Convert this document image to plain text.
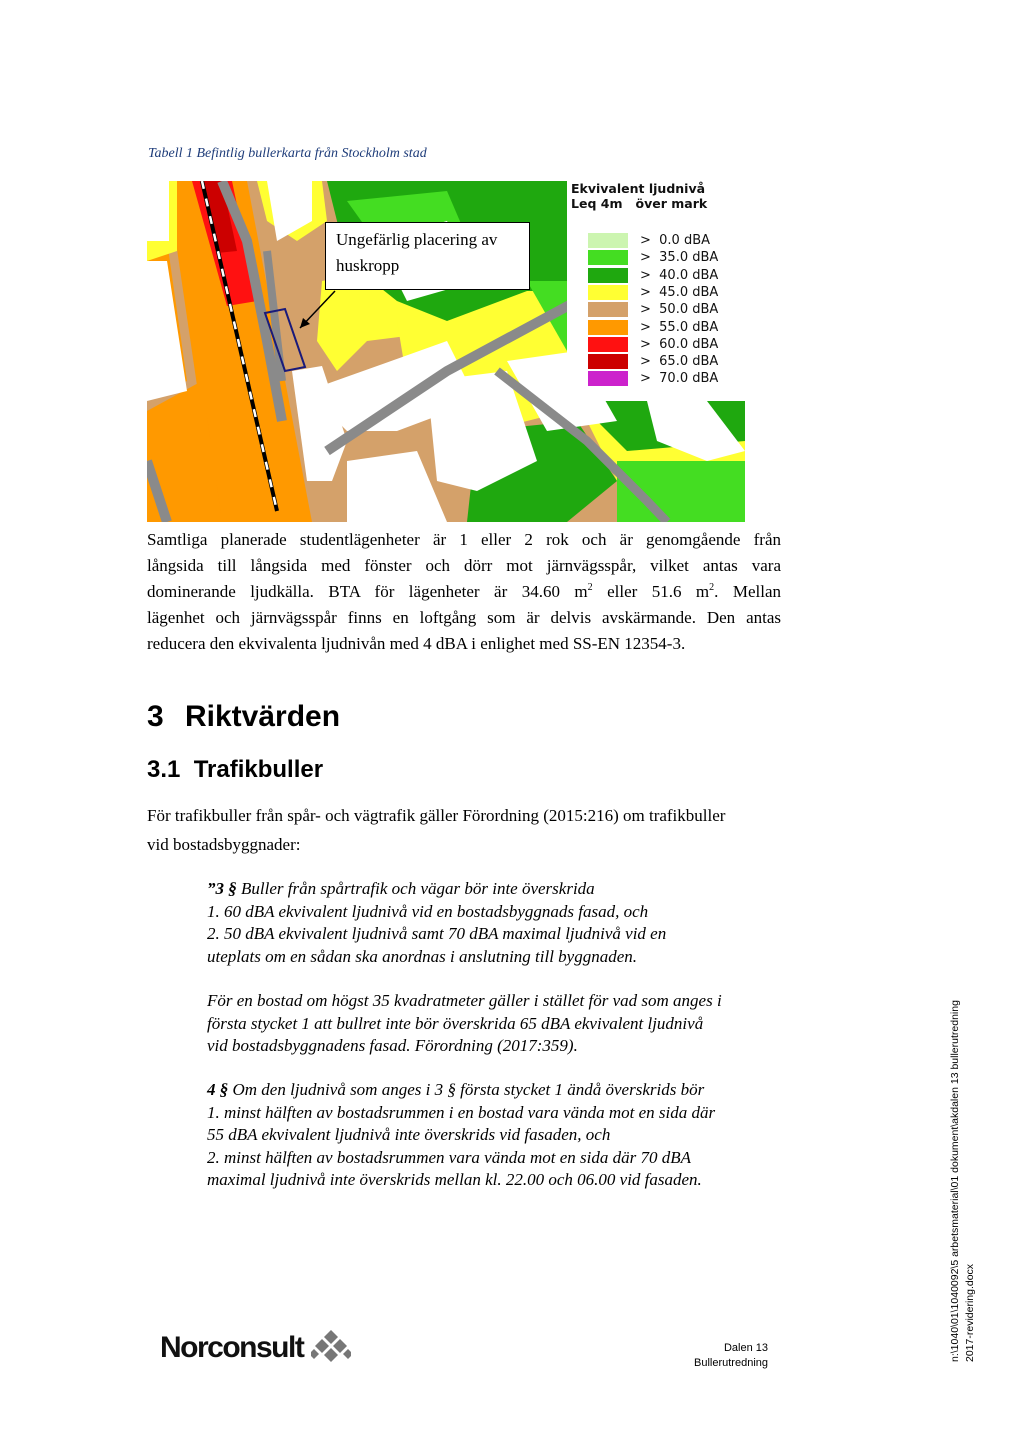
Tabell 1 Befintlig bullerkarta från Stockholm stad
Ungefärlig placering av huskropp
Ekvivalent ljudnivå
Leq 4m   över mark
>  0.0 dBA
>  35.0 dBA
>  40.0 dBA
>  45.0 dBA
>  50.0 dBA
>  55.0 dBA
>  60.0 dBA
>  65.0 dBA
>  70.0 dBA
Samtliga planerade studentlägenheter är 1 eller 2 rok och är genomgående från
långsida till långsida med fönster och dörr mot järnvägsspår, vilket antas vara
dominerande ljudkälla. BTA för lägenheter är 34.60 $m^2$ eller 51.6 $m^2$. Mellan
lägenhet och järnvägsspår finns en loftgång som är delvis avskärmande. Den antas
reducera den ekvivalenta ljudnivån med 4 dBA i enlighet med SS-EN 12354-3.
3 Riktvärden
3.1  Trafikbuller
För trafikbuller från spår- och vägtrafik gäller Förordning (2015:216) om trafikbuller
vid bostadsbyggnader:
”3 § Buller från spårtrafik och vägar bör inte överskrida
1. 60 dBA ekvivalent ljudnivå vid en bostadsbyggnads fasad, och
2. 50 dBA ekvivalent ljudnivå samt 70 dBA maximal ljudnivå vid en
uteplats om en sådan ska anordnas i anslutning till byggnaden.
För en bostad om högst 35 kvadratmeter gäller i stället för vad som anges i
första stycket 1 att bullret inte bör överskrida 65 dBA ekvivalent ljudnivå
vid bostadsbyggnadens fasad. Förordning (2017:359).
4 § Om den ljudnivå som anges i 3 § första stycket 1 ändå överskrids bör
1. minst hälften av bostadsrummen i en bostad vara vända mot en sida där
55 dBA ekvivalent ljudnivå inte överskrids vid fasaden, och
2. minst hälften av bostadsrummen vara vända mot en sida där 70 dBA
maximal ljudnivå inte överskrids mellan kl. 22.00 och 06.00 vid fasaden.
Norconsult	Dalen 13
Bullerutredning
n:\1040\01\1040092\5 arbetsmaterial\01 dokument\akdalen 13 bullerutredning 2017-revidering.docx
